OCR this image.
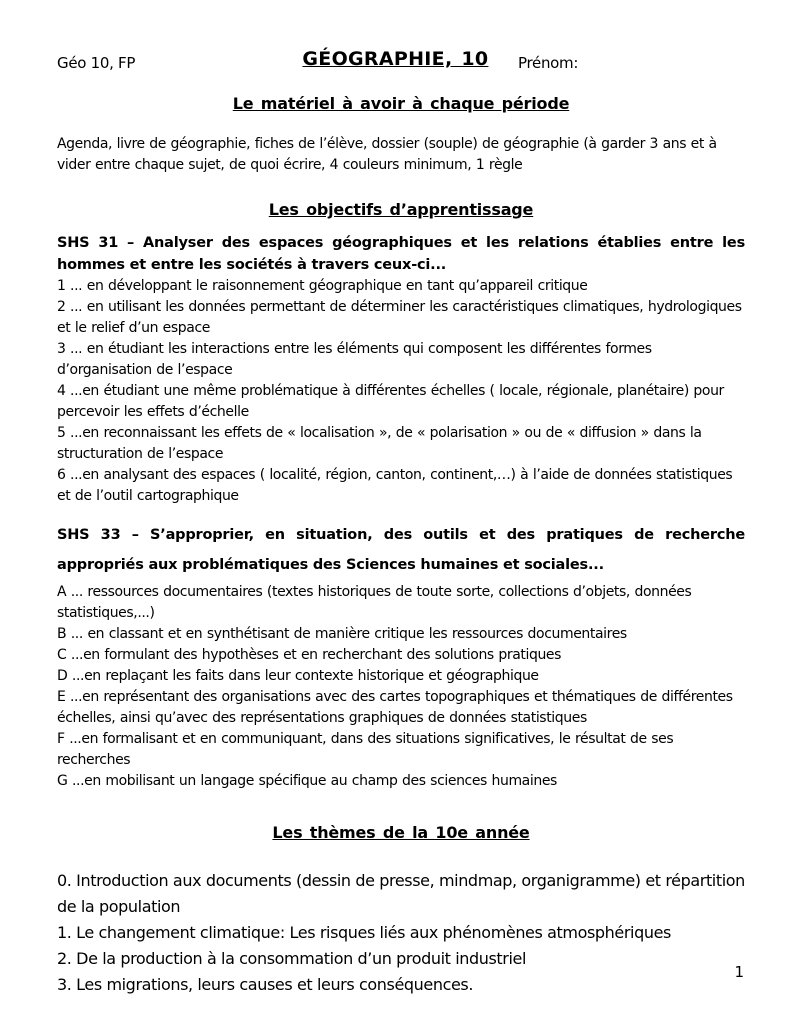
Géo 10, FP	GÉOGRAPHIE, 10 Prénom:
Le matériel à avoir à chaque période

Agenda, livre de géographie, fiches de l’élève, dossier (souple) de géographie (à garder 3 ans et à vider entre chaque sujet, de quoi écrire, 4 couleurs minimum, 1 règle

Les objectifs d’apprentissage

SHS 31 – Analyser des espaces géographiques et les relations établies entre les hommes et entre les sociétés à travers ceux-ci...

1 ... en développant le raisonnement géographique en tant qu’appareil critique
2 ... en utilisant les données permettant de déterminer les caractéristiques climatiques, hydrologiques et le relief d’un espace
3 ... en étudiant les interactions entre les éléments qui composent les différentes formes d’organisation de l’espace
4 ...en étudiant une même problématique à différentes échelles ( locale, régionale, planétaire) pour percevoir les effets d’échelle
5 ...en reconnaissant les effets de « localisation », de « polarisation » ou de « diffusion » dans la structuration de l’espace
6 ...en analysant des espaces ( localité, région, canton, continent,…) à l’aide de données statistiques et de l’outil cartographique

SHS 33 – S’approprier, en situation, des outils et des pratiques de recherche appropriés aux problématiques des Sciences humaines et sociales...

A ... ressources documentaires (textes historiques de toute sorte, collections d’objets, données statistiques,...)
B ... en classant et en synthétisant de manière critique les ressources documentaires
C ...en formulant des hypothèses et en recherchant des solutions pratiques
D ...en replaçant les faits dans leur contexte historique et géographique
E ...en représentant des organisations avec des cartes topographiques et thématiques de différentes échelles, ainsi qu’avec des représentations graphiques de données statistiques
F ...en formalisant et en communiquant, dans des situations significatives, le résultat de ses recherches
G ...en mobilisant un langage spécifique au champ des sciences humaines
Les thèmes de la 10e année
0. Introduction aux documents (dessin de presse, mindmap, organigramme) et répartition de la population
1. Le changement climatique: Les risques liés aux phénomènes atmosphériques
2. De la production à la consommation d’un produit industriel
3. Les migrations, leurs causes et leurs conséquences.
1
